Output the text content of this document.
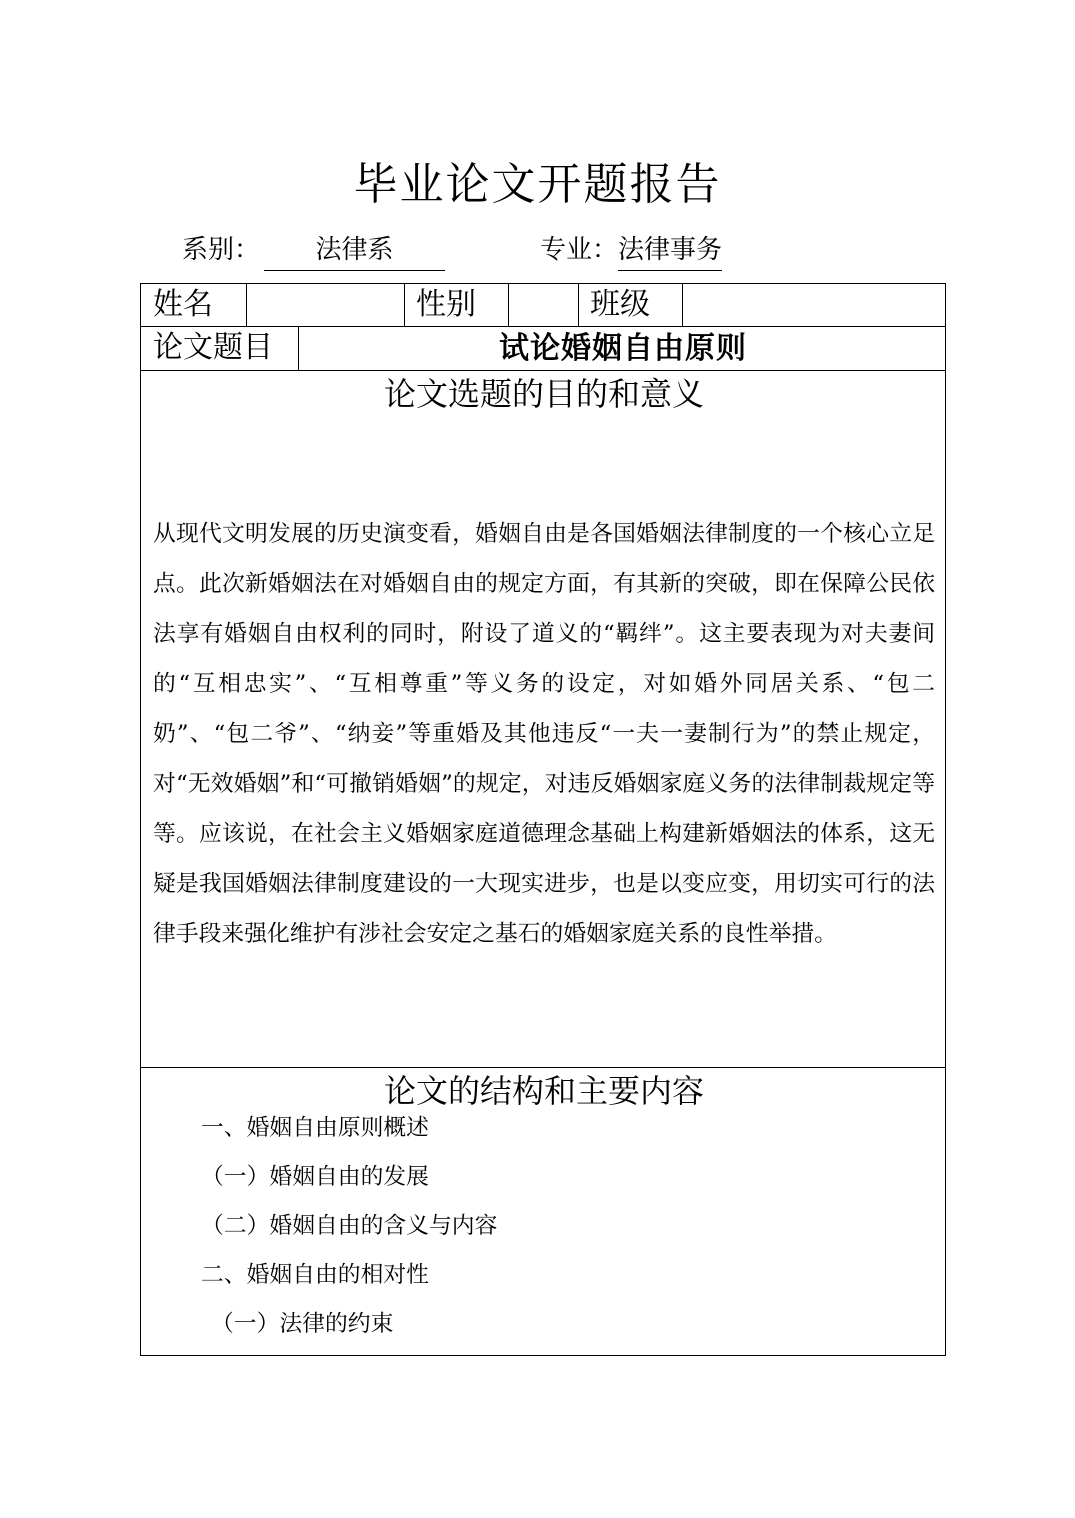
毕业论文开题报告
系别： 法律系	专业：法律事务
姓名	性别	班级
论文题目	试论婚姻自由原则
论文选题的目的和意义

从现代文明发展的历史演变看，婚姻自由是各国婚姻法律制度的一个核心立足点。此次新婚姻法在对婚姻自由的规定方面，有其新的突破，即在保障公民依法享有婚姻自由权利的同时，附设了道义的“羁绊”。这主要表现为对夫妻间的“互相忠实”、“互相尊重”等义务的设定，对如婚外同居关系、“包二奶”、“包二爷”、“纳妾”等重婚及其他违反“一夫一妻制行为”的禁止规定，对“无效婚姻”和“可撤销婚姻”的规定，对违反婚姻家庭义务的法律制裁规定等等。应该说，在社会主义婚姻家庭道德理念基础上构建新婚姻法的体系，这无疑是我国婚姻法律制度建设的一大现实进步，也是以变应变，用切实可行的法律手段来强化维护有涉社会安定之基石的婚姻家庭关系的良性举措。

论文的结构和主要内容
一、婚姻自由原则概述
（一）婚姻自由的发展
（二）婚姻自由的含义与内容
二、婚姻自由的相对性
（一）法律的约束
